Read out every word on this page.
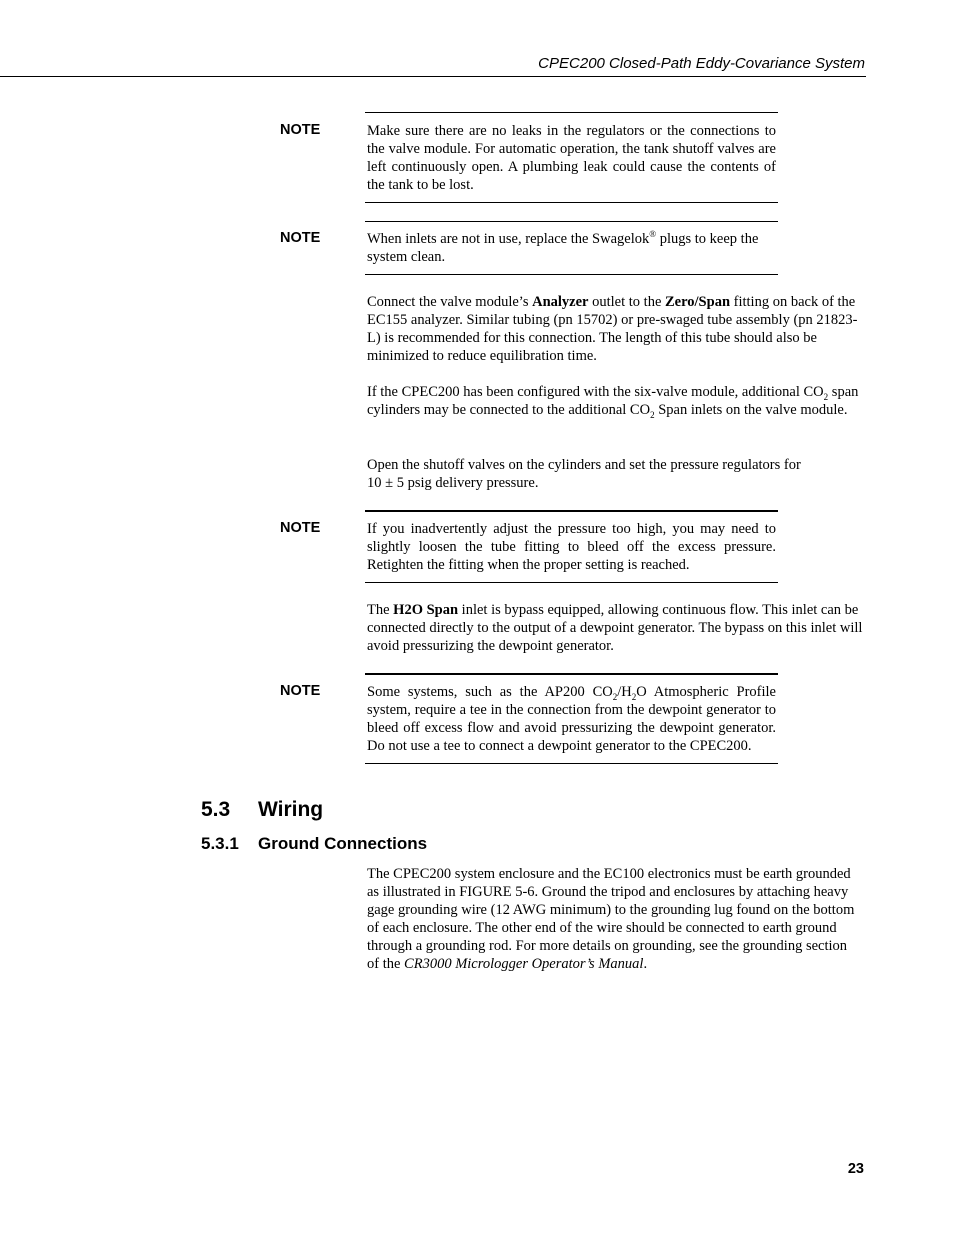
CPEC200 Closed-Path Eddy-Covariance System
NOTE	Make sure there are no leaks in the regulators or the connections to the valve module. For automatic operation, the tank shutoff valves are left continuously open. A plumbing leak could cause the contents of the tank to be lost.

NOTE	When inlets are not in use, replace the Swagelok® plugs to keep the system clean.

Connect the valve module’s Analyzer outlet to the Zero/Span fitting on back of the EC155 analyzer. Similar tubing (pn 15702) or pre-swaged tube assembly (pn 21823-L) is recommended for this connection. The length of this tube should also be minimized to reduce equilibration time.

If the CPEC200 has been configured with the six-valve module, additional $CO_2$ span cylinders may be connected to the additional $CO_2$ Span inlets on the valve module.

Open the shutoff valves on the cylinders and set the pressure regulators for
10 ± 5 psig delivery pressure.

NOTE	If you inadvertently adjust the pressure too high, you may need to slightly loosen the tube fitting to bleed off the excess pressure. Retighten the fitting when the proper setting is reached.

The H2O Span inlet is bypass equipped, allowing continuous flow. This inlet can be connected directly to the output of a dewpoint generator. The bypass on this inlet will avoid pressurizing the dewpoint generator.

NOTE	Some systems, such as the AP200 $CO_2/H_2O$ Atmospheric Profile system, require a tee in the connection from the dewpoint generator to bleed off excess flow and avoid pressurizing the dewpoint generator. Do not use a tee to connect a dewpoint generator to the CPEC200.

5.3 Wiring
5.3.1 Ground Connections

The CPEC200 system enclosure and the EC100 electronics must be earth grounded as illustrated in FIGURE 5-6. Ground the tripod and enclosures by attaching heavy gage grounding wire (12 AWG minimum) to the grounding lug found on the bottom of each enclosure. The other end of the wire should be connected to earth ground through a grounding rod. For more details on grounding, see the grounding section of the CR3000 Micrologger Operator’s Manual.

23
